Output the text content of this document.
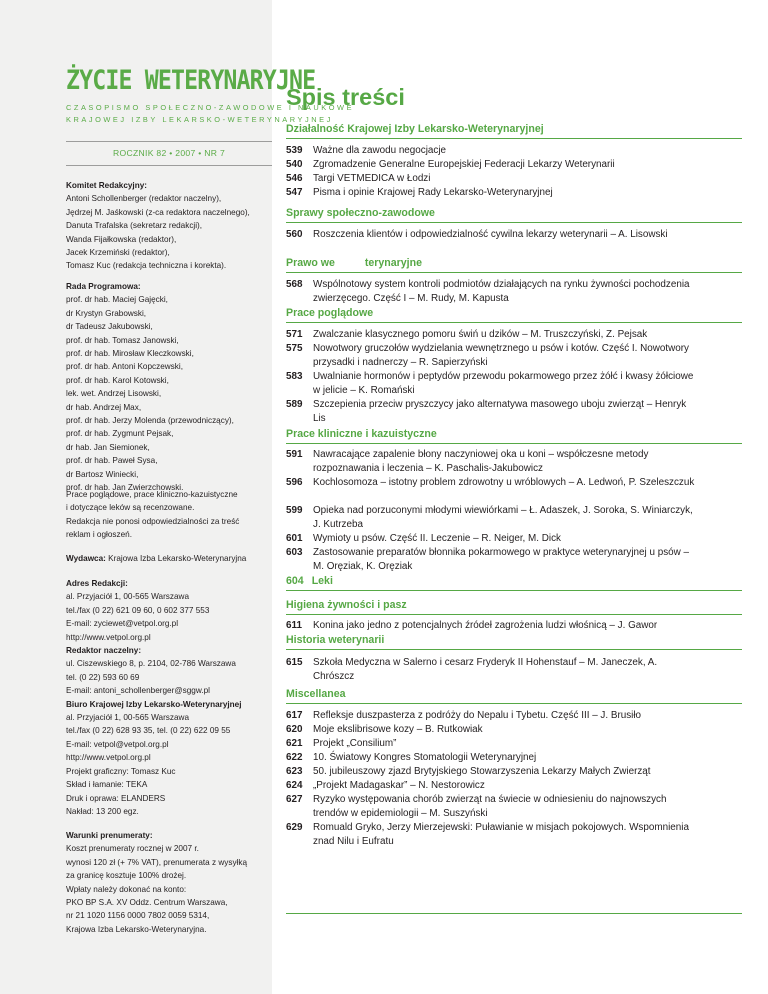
ŻYCIE WETERYNARYJNE
CZASOPISMO SPOŁECZNO-ZAWODOWE I NAUKOWE
KRAJOWEJ IZBY LEKARSKO-WETERYNARYJNEJ
ROCZNIK 82 • 2007 • NR 7

Komitet Redakcyjny:

Antoni Schollenberger (redaktor naczelny),

Jędrzej M. Jaśkowski (z-ca redaktora naczelnego),

Danuta Trafalska (sekretarz redakcji),

Wanda Fijałkowska (redaktor),

Jacek Krzemiński (redaktor),

Tomasz Kuc (redakcja techniczna i korekta).

Rada Programowa:

prof. dr hab. Maciej Gajęcki,

dr Krystyn Grabowski,

dr Tadeusz Jakubowski,

prof. dr hab. Tomasz Janowski,

prof. dr hab. Mirosław Kleczkowski,

prof. dr hab. Antoni Kopczewski,

prof. dr hab. Karol Kotowski,

lek. wet. Andrzej Lisowski,

dr hab. Andrzej Max,

prof. dr hab. Jerzy Molenda (przewodniczący),

prof. dr hab. Zygmunt Pejsak,

dr hab. Jan Siemionek,

prof. dr hab. Paweł Sysa,

dr Bartosz Winiecki,

prof. dr hab. Jan Zwierzchowski.

Prace poglądowe, prace kliniczno-kazuistyczne

i dotyczące leków są recenzowane.

Redakcja nie ponosi odpowiedzialności za treść

reklam i ogłoszeń.

Wydawca: Krajowa Izba Lekarsko-Weterynaryjna

Adres Redakcji:

al. Przyjaciół 1, 00-565 Warszawa

tel./fax (0 22) 621 09 60, 0 602 377 553

E-mail: zyciewet@vetpol.org.pl

http://www.vetpol.org.pl

Redaktor naczelny:

ul. Ciszewskiego 8, p. 2104, 02-786 Warszawa

tel. (0 22) 593 60 69

E-mail: antoni_schollenberger@sggw.pl

Biuro Krajowej Izby Lekarsko-Weterynaryjnej

al. Przyjaciół 1, 00-565 Warszawa

tel./fax (0 22) 628 93 35, tel. (0 22) 622 09 55

E-mail: vetpol@vetpol.org.pl

http://www.vetpol.org.pl

Projekt graficzny: Tomasz Kuc

Skład i łamanie: TEKA

Druk i oprawa: ELANDERS

Nakład: 13 200 egz.

Warunki prenumeraty:

Koszt prenumeraty rocznej w 2007 r.

wynosi 120 zł (+ 7% VAT), prenumerata z wysyłką

za granicę kosztuje 100% drożej.

Wpłaty należy dokonać na konto:

PKO BP S.A. XV Oddz. Centrum Warszawa,

nr 21 1020 1156 0000 7802 0059 5314,

Krajowa Izba Lekarsko-Weterynaryjna.

Spis treści
Działalność Krajowej Izby Lekarsko-Weterynaryjnej
539 Ważne dla zawodu negocjacje
540 Zgromadzenie Generalne Europejskiej Federacji Lekarzy Weterynarii
546 Targi VETMEDICA w Łodzi
547 Pisma i opinie Krajowej Rady Lekarsko-Weterynaryjnej
Sprawy społeczno-zawodowe
560 Roszczenia klientów i odpowiedzialność cywilna lekarzy weterynarii – A. Lisowski
Prawo we	terynaryjne
568 Wspólnotowy system kontroli podmiotów działających na rynku żywności pochodzenia zwierzęcego. Część I – M. Rudy, M. Kapusta
Prace poglądowe
571 Zwalczanie klasycznego pomoru świń u dzików – M. Truszczyński, Z. Pejsak
575 Nowotwory gruczołów wydzielania wewnętrznego u psów i kotów. Część I. Nowotwory przysadki i nadnerczy – R. Sapierzyński
583 Uwalnianie hormonów i peptydów przewodu pokarmowego przez żółć i kwasy żółciowe w jelicie – K. Romański
589 Szczepienia przeciw pryszczycy jako alternatywa masowego uboju zwierząt – Henryk Lis
Prace kliniczne i kazuistyczne
591 Nawracające zapalenie błony naczyniowej oka u koni – współczesne metody rozpoznawania i leczenia – K. Paschalis-Jakubowicz
596 Kochlosomoza – istotny problem zdrowotny u wróblowych – A. Ledwoń, P. Szeleszczuk
599 Opieka nad porzuconymi młodymi wiewiórkami – Ł. Adaszek, J. Soroka, S. Winiarczyk, J. Kutrzeba
601 Wymioty u psów. Część II. Leczenie – R. Neiger, M. Dick
603 Zastosowanie preparatów błonnika pokarmowego w praktyce weterynaryjnej u psów – M. Oręziak, K. Oręziak
604 Leki
Higiena żywności i pasz
611 Konina jako jedno z potencjalnych źródeł zagrożenia ludzi włośnicą – J. Gawor
Historia weterynarii
615 Szkoła Medyczna w Salerno i cesarz Fryderyk II Hohenstauf – M. Janeczek, A. Chrószcz
Miscellanea
617 Refleksje duszpasterza z podróży do Nepalu i Tybetu. Część III – J. Brusiło
620 Moje ekslibrisowe kozy – B. Rutkowiak
621 Projekt „Consilium”
622 10. Światowy Kongres Stomatologii Weterynaryjnej
623 50. jubileuszowy zjazd Brytyjskiego Stowarzyszenia Lekarzy Małych Zwierząt
624 „Projekt Madagaskar” – N. Nestorowicz
627 Ryzyko występowania chorób zwierząt na świecie w odniesieniu do najnowszych trendów w epidemiologii – M. Suszyński
629 Romuald Gryko, Jerzy Mierzejewski: Puławianie w misjach pokojowych. Wspomnienia znad Nilu i Eufratu
